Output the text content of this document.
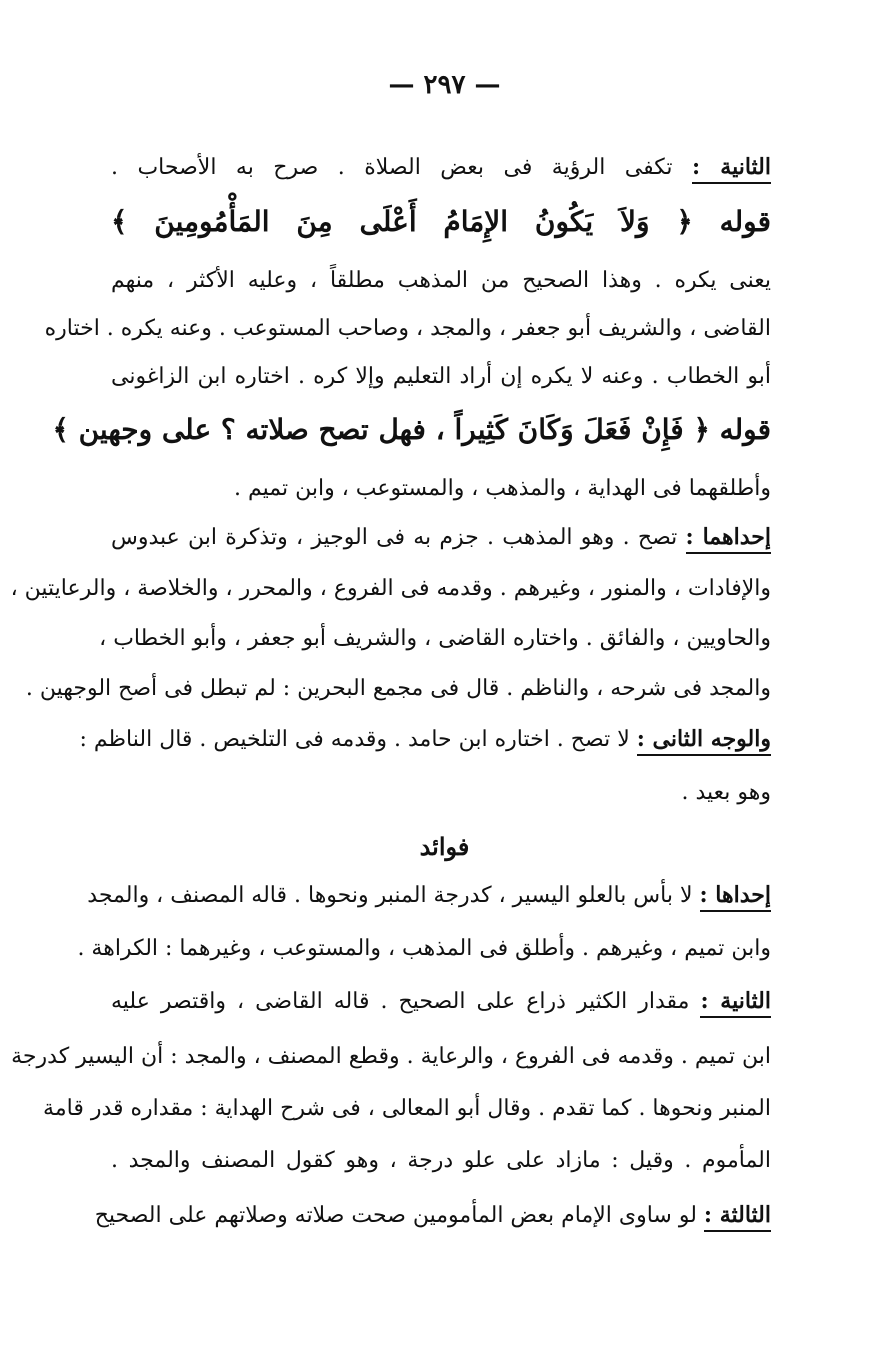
— ٢٩٧ —
الثانية : تكفى الرؤية فى بعض الصلاة . صرح به الأصحاب .
قوله ﴿ وَلاَ يَكُونُ الإِمَامُ أَعْلَى مِنَ المَأْمُومِينَ ﴾
يعنى يكره . وهذا الصحيح من المذهب مطلقاً ، وعليه الأكثر ، منهم
القاضى ، والشريف أبو جعفر ، والمجد ، وصاحب المستوعب . وعنه يكره . اختاره
أبو الخطاب . وعنه لا يكره إن أراد التعليم وإلا كره . اختاره ابن الزاغونى
قوله ﴿ فَإِنْ فَعَلَ وَكَانَ كَثِيراً ، فهل تصح صلاته ؟ على وجهين ﴾
وأطلقهما فى الهداية ، والمذهب ، والمستوعب ، وابن تميم .
إحداهما : تصح . وهو المذهب . جزم به فى الوجيز ، وتذكرة ابن عبدوس
والإفادات ، والمنور ، وغيرهم . وقدمه فى الفروع ، والمحرر ، والخلاصة ، والرعايتين ،
والحاويين ، والفائق . واختاره القاضى ، والشريف أبو جعفر ، وأبو الخطاب ،
والمجد فى شرحه ، والناظم . قال فى مجمع البحرين : لم تبطل فى أصح الوجهين .
والوجه الثانى : لا تصح . اختاره ابن حامد . وقدمه فى التلخيص . قال الناظم :
وهو بعيد .
فوائد
إحداها : لا بأس بالعلو اليسير ، كدرجة المنبر ونحوها . قاله المصنف ، والمجد
وابن تميم ، وغيرهم . وأطلق فى المذهب ، والمستوعب ، وغيرهما : الكراهة .
الثانية : مقدار الكثير ذراع على الصحيح . قاله القاضى ، واقتصر عليه
ابن تميم . وقدمه فى الفروع ، والرعاية . وقطع المصنف ، والمجد : أن اليسير كدرجة
المنبر ونحوها . كما تقدم . وقال أبو المعالى ، فى شرح الهداية : مقداره قدر قامة
المأموم . وقيل : مازاد على علو درجة ، وهو كقول المصنف والمجد .
الثالثة : لو ساوى الإمام بعض المأمومين صحت صلاته وصلاتهم على الصحيح
